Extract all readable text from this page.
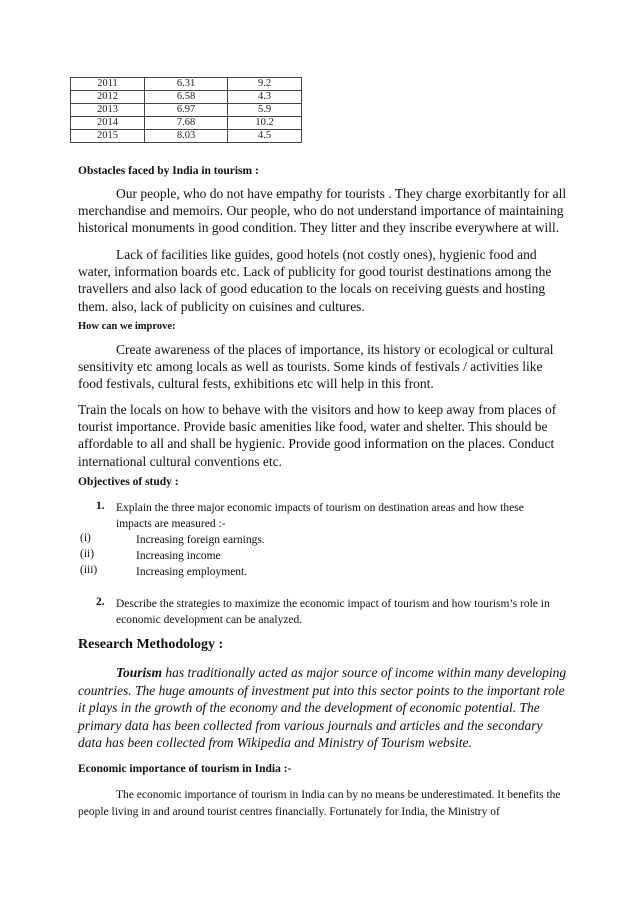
2011	6.31	9.2
2012	6.58	4.3
2013	6.97	5.9
2014	7.68	10.2
2015	8.03	4.5
Obstacles faced by India in tourism :
Our people, who do not have empathy for tourists . They charge exorbitantly for all merchandise and memoirs. Our people, who do not understand importance of maintaining historical monuments in good condition. They litter and they inscribe everywhere at will.
Lack of facilities like guides, good hotels (not costly ones), hygienic food and water, information boards etc. Lack of publicity for good tourist destinations among the travellers and also lack of good education to the locals on receiving guests and hosting them. also, lack of publicity on cuisines and cultures.
How can we improve:
Create awareness of the places of importance, its history or ecological or cultural sensitivity etc among locals as well as tourists. Some kinds of festivals / activities like food festivals, cultural fests, exhibitions etc will help in this front.
Train the locals on how to behave with the visitors and how to keep away from places of tourist importance. Provide basic amenities like food, water and shelter. This should be affordable to all and shall be hygienic. Provide good information on the places. Conduct international cultural conventions etc.
Objectives of study :
1. Explain the three major economic impacts of tourism on destination areas and how these impacts are measured :-
(i)	Increasing foreign earnings.
(ii)	Increasing income
(iii)	Increasing employment.
2. Describe the strategies to maximize the economic impact of tourism and how tourism’s role in economic development can be analyzed.
Research Methodology :
Tourism has traditionally acted as major source of income within many developing countries. The huge amounts of investment put into this sector points to the important role it plays in the growth of the economy and the development of economic potential. The primary data has been collected from various journals and articles and the secondary data has been collected from Wikipedia and Ministry of Tourism website.
Economic importance of tourism in India :-
The economic importance of tourism in India can by no means be underestimated. It benefits the people living in and around tourist centres financially. Fortunately for India, the Ministry of
